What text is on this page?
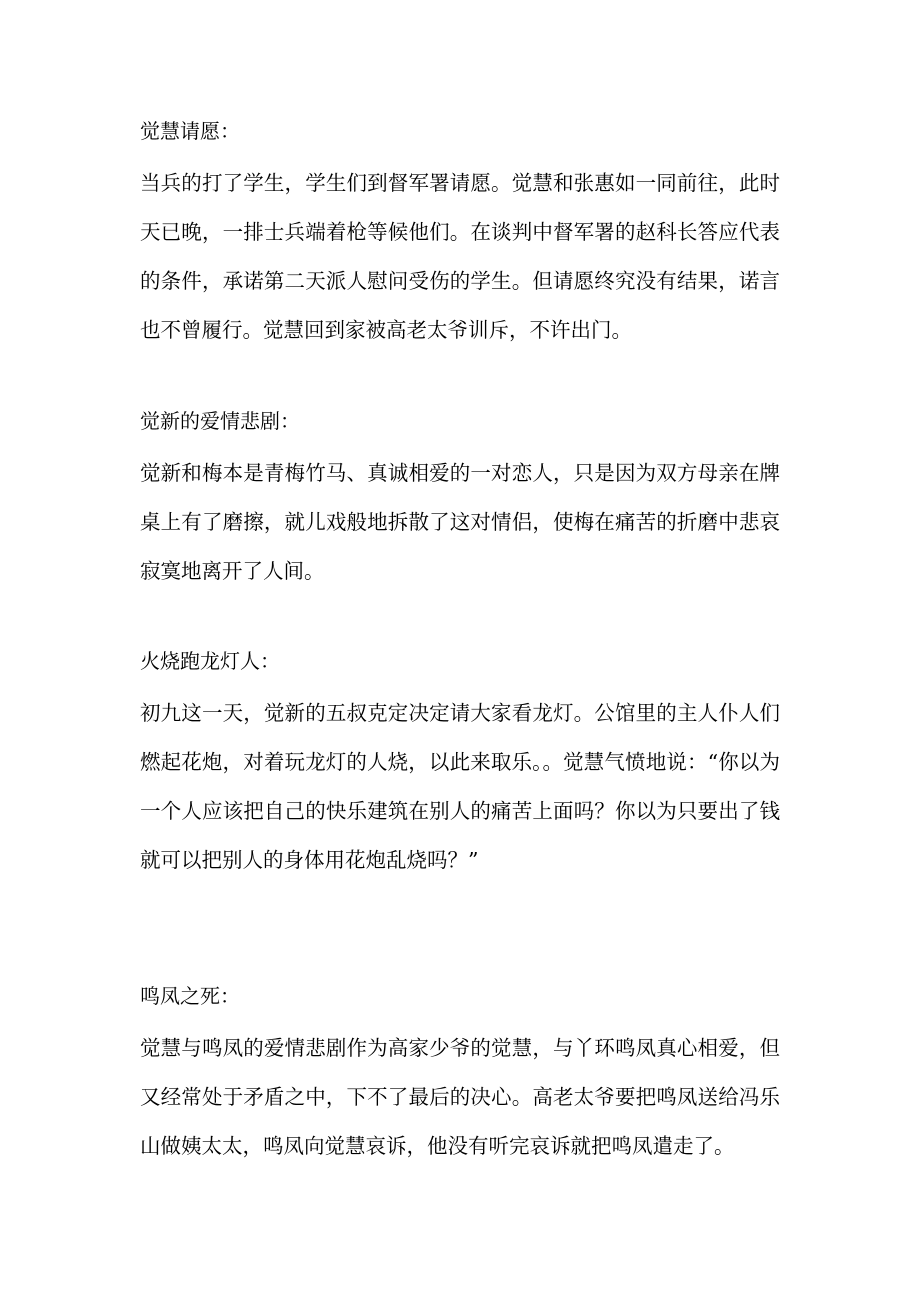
觉慧请愿：

当兵的打了学生，学生们到督军署请愿。觉慧和张惠如一同前往，此时天已晚，一排士兵端着枪等候他们。在谈判中督军署的赵科长答应代表的条件，承诺第二天派人慰问受伤的学生。但请愿终究没有结果，诺言也不曾履行。觉慧回到家被高老太爷训斥，不许出门。

觉新的爱情悲剧：

觉新和梅本是青梅竹马、真诚相爱的一对恋人，只是因为双方母亲在牌桌上有了磨擦，就儿戏般地拆散了这对情侣，使梅在痛苦的折磨中悲哀寂寞地离开了人间。

火烧跑龙灯人：

初九这一天，觉新的五叔克定决定请大家看龙灯。公馆里的主人仆人们燃起花炮，对着玩龙灯的人烧，以此来取乐。。觉慧气愤地说：“你以为一个人应该把自己的快乐建筑在别人的痛苦上面吗？你以为只要出了钱就可以把别人的身体用花炮乱烧吗？”

鸣凤之死：

觉慧与鸣凤的爱情悲剧作为高家少爷的觉慧，与丫环鸣凤真心相爱，但又经常处于矛盾之中，下不了最后的决心。高老太爷要把鸣凤送给冯乐山做姨太太，鸣凤向觉慧哀诉，他没有听完哀诉就把鸣凤遣走了。
